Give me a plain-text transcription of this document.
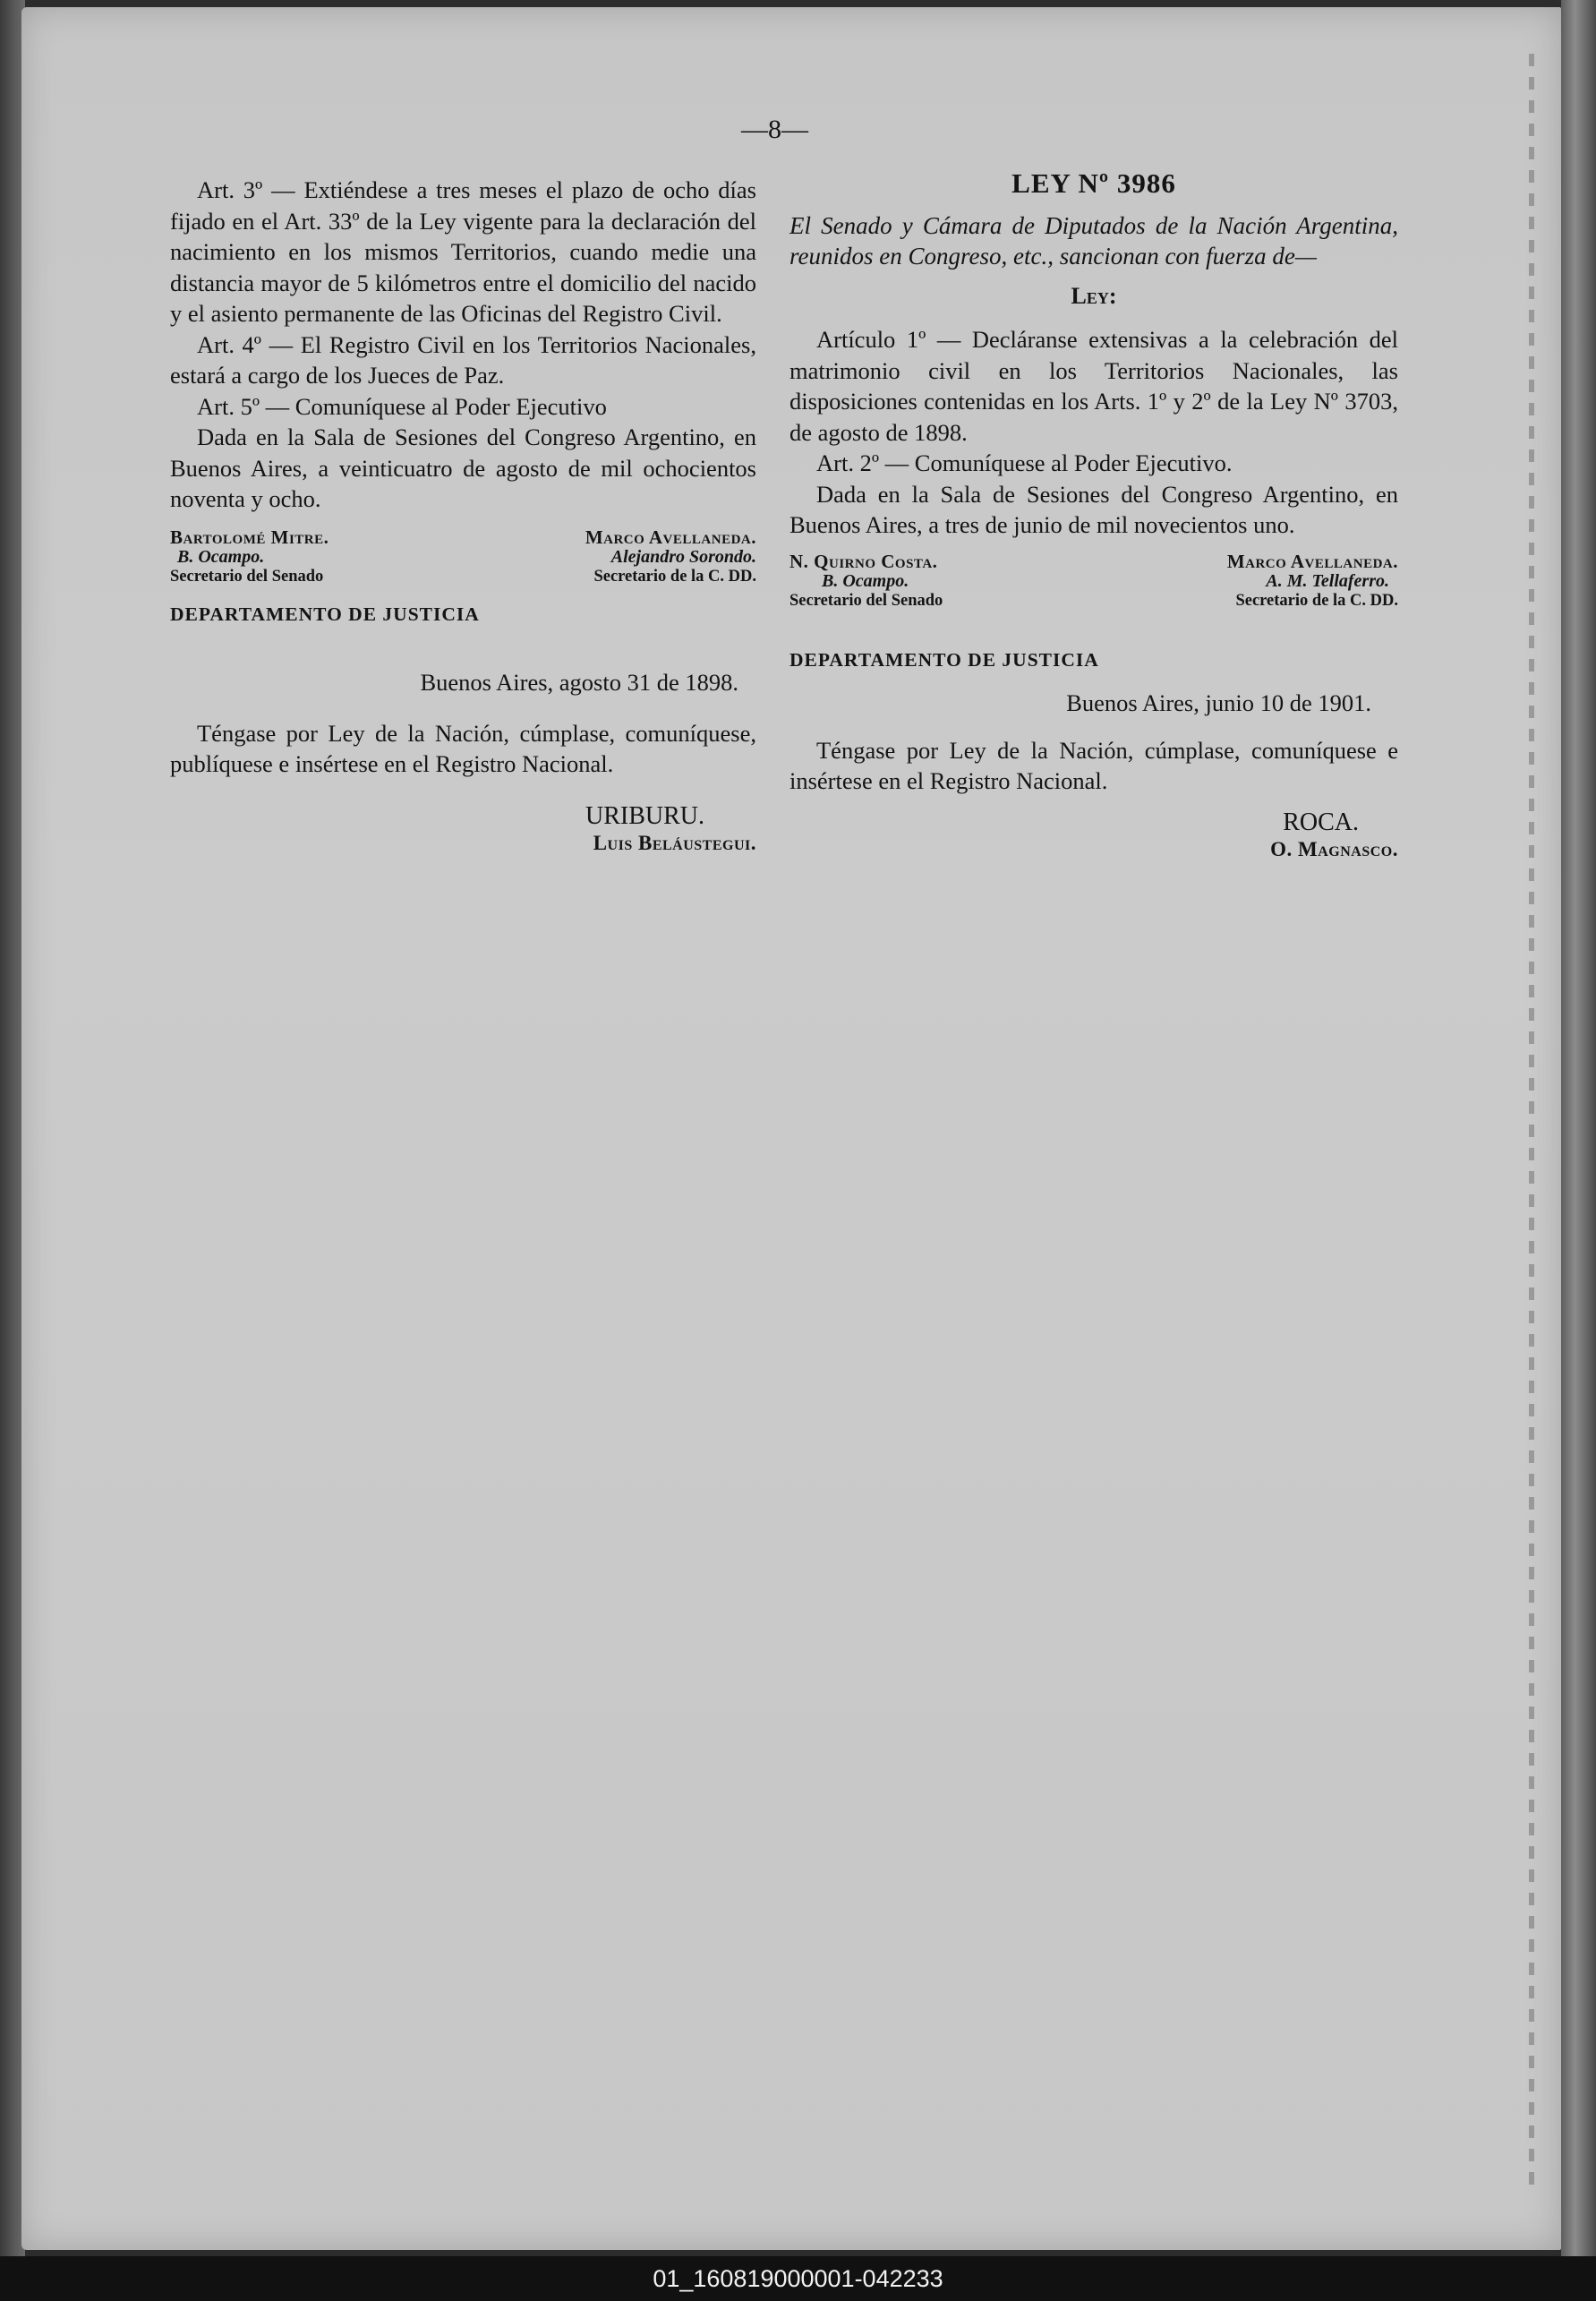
—8—

Art. 3º — Extiéndese a tres meses el plazo de ocho días fijado en el Art. 33º de la Ley vigente para la declaración del nacimiento en los mismos Territorios, cuando medie una distancia mayor de 5 kilómetros entre el domicilio del nacido y el asiento permanente de las Oficinas del Registro Civil.

Art. 4º — El Registro Civil en los Territorios Nacionales, estará a cargo de los Jueces de Paz.

Art. 5º — Comuníquese al Poder Ejecutivo

Dada en la Sala de Sesiones del Congreso Argentino, en Buenos Aires, a veinticuatro de agosto de mil ochocientos noventa y ocho.

Bartolomé Mitre.
B. Ocampo.
Secretario del Senado
Marco Avellaneda.
Alejandro Sorondo.
Secretario de la C. DD.
DEPARTAMENTO DE JUSTICIA

Buenos Aires, agosto 31 de 1898.

Téngase por Ley de la Nación, cúmplase, comuníquese, publíquese e insértese en el Registro Nacional.

URIBURU.
Luis Beláustegui.
LEY Nº 3986

El Senado y Cámara de Diputados de la Nación Argentina, reunidos en Congreso, etc., sancionan con fuerza de—

Ley:

Artículo 1º — Decláranse extensivas a la celebración del matrimonio civil en los Territorios Nacionales, las disposiciones contenidas en los Arts. 1º y 2º de la Ley Nº 3703, de agosto de 1898.

Art. 2º — Comuníquese al Poder Ejecutivo.

Dada en la Sala de Sesiones del Congreso Argentino, en Buenos Aires, a tres de junio de mil novecientos uno.

N. Quirno Costa.
B. Ocampo.
Secretario del Senado
Marco Avellaneda.
A. M. Tellaferro.
Secretario de la C. DD.
DEPARTAMENTO DE JUSTICIA

Buenos Aires, junio 10 de 1901.

Téngase por Ley de la Nación, cúmplase, comuníquese e insértese en el Registro Nacional.

ROCA.
O. Magnasco.
01_160819000001-042233
